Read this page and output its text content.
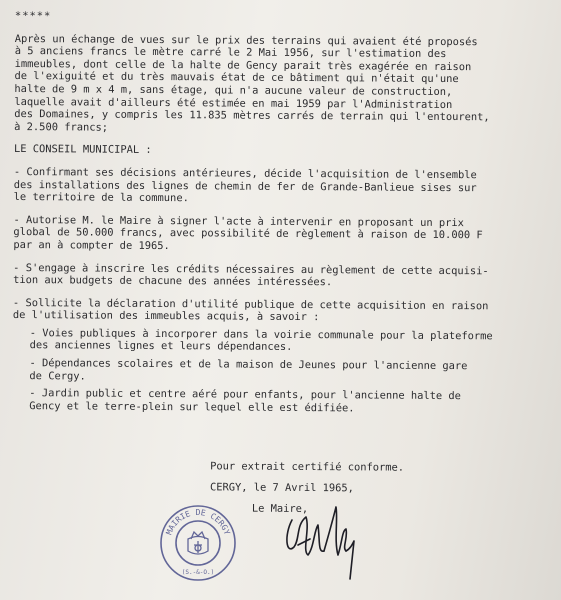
*****

Après un échange de vues sur le prix des terrains qui avaient été proposés

à 5 anciens francs le mètre carré le 2 Mai 1956, sur l'estimation des

immeubles, dont celle de la halte de Gency parait très exagérée en raison

de l'exiguité et du très mauvais état de ce bâtiment qui n'était qu'une

halte de 9 m x 4 m, sans étage, qui n'a aucune valeur de construction,

laquelle avait d'ailleurs été estimée en mai 1959 par l'Administration

des Domaines, y compris les 11.835 mètres carrés de terrain qui l'entourent,

à 2.500 francs;

LE CONSEIL MUNICIPAL :

- Confirmant ses décisions antérieures, décide l'acquisition de l'ensemble

des installations des lignes de chemin de fer de Grande-Banlieue sises sur

le territoire de la commune.

- Autorise M. le Maire à signer l'acte à intervenir en proposant un prix

global de 50.000 francs, avec possibilité de règlement à raison de 10.000 F

par an à compter de 1965.

- S'engage à inscrire les crédits nécessaires au règlement de cette acquisi-

tion aux budgets de chacune des années intéressées.

- Sollicite la déclaration d'utilité publique de cette acquisition en raison

de l'utilisation des immeubles acquis, à savoir :

- Voies publiques à incorporer dans la voirie communale pour la plateforme

des anciennes lignes et leurs dépendances.

- Dépendances scolaires et de la maison de Jeunes pour l'ancienne gare

de Cergy.

- Jardin public et centre aéré pour enfants, pour l'ancienne halte de

Gency et le terre-plein sur lequel elle est édifiée.

Pour extrait certifié conforme.

CERGY, le 7 Avril 1965,

Le Maire,

MAIRIE DE CERGY
(S.-&-O.)
